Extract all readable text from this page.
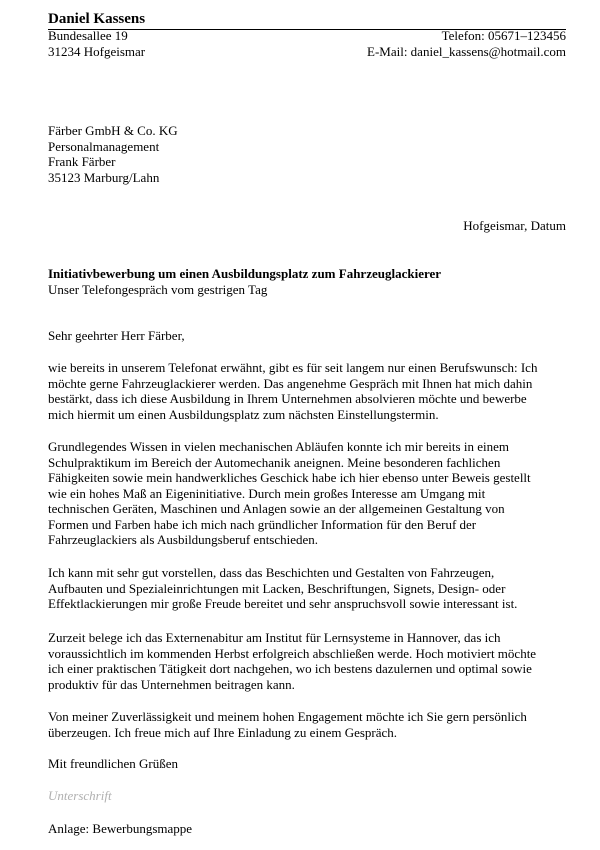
Daniel Kassens
Bundesallee 19
31234 Hofgeismar
Telefon: 05671–123456
E-Mail: daniel_kassens@hotmail.com
Färber GmbH & Co. KG
Personalmanagement
Frank Färber
35123 Marburg/Lahn
Hofgeismar, Datum
Initiativbewerbung um einen Ausbildungsplatz zum Fahrzeuglackierer
Unser Telefongespräch vom gestrigen Tag
Sehr geehrter Herr Färber,
wie bereits in unserem Telefonat erwähnt, gibt es für seit langem nur einen Berufswunsch: Ich
möchte gerne Fahrzeuglackierer werden. Das angenehme Gespräch mit Ihnen hat mich dahin
bestärkt, dass ich diese Ausbildung in Ihrem Unternehmen absolvieren möchte und bewerbe
mich hiermit um einen Ausbildungsplatz zum nächsten Einstellungstermin.
Grundlegendes Wissen in vielen mechanischen Abläufen konnte ich mir bereits in einem
Schulpraktikum im Bereich der Automechanik aneignen. Meine besonderen fachlichen
Fähigkeiten sowie mein handwerkliches Geschick habe ich hier ebenso unter Beweis gestellt
wie ein hohes Maß an Eigeninitiative. Durch mein großes Interesse am Umgang mit
technischen Geräten, Maschinen und Anlagen sowie an der allgemeinen Gestaltung von
Formen und Farben habe ich mich nach gründlicher Information für den Beruf der
Fahrzeuglackiers als Ausbildungsberuf entschieden.
Ich kann mit sehr gut vorstellen, dass das Beschichten und Gestalten von Fahrzeugen,
Aufbauten und Spezialeinrichtungen mit Lacken, Beschriftungen, Signets, Design- oder
Effektlackierungen mir große Freude bereitet und sehr anspruchsvoll sowie interessant ist.
Zurzeit belege ich das Externenabitur am Institut für Lernsysteme in Hannover, das ich
voraussichtlich im kommenden Herbst erfolgreich abschließen werde. Hoch motiviert möchte
ich einer praktischen Tätigkeit dort nachgehen, wo ich bestens dazulernen und optimal sowie
produktiv für das Unternehmen beitragen kann.
Von meiner Zuverlässigkeit und meinem hohen Engagement möchte ich Sie gern persönlich
überzeugen. Ich freue mich auf Ihre Einladung zu einem Gespräch.
Mit freundlichen Grüßen
Unterschrift
Anlage: Bewerbungsmappe
